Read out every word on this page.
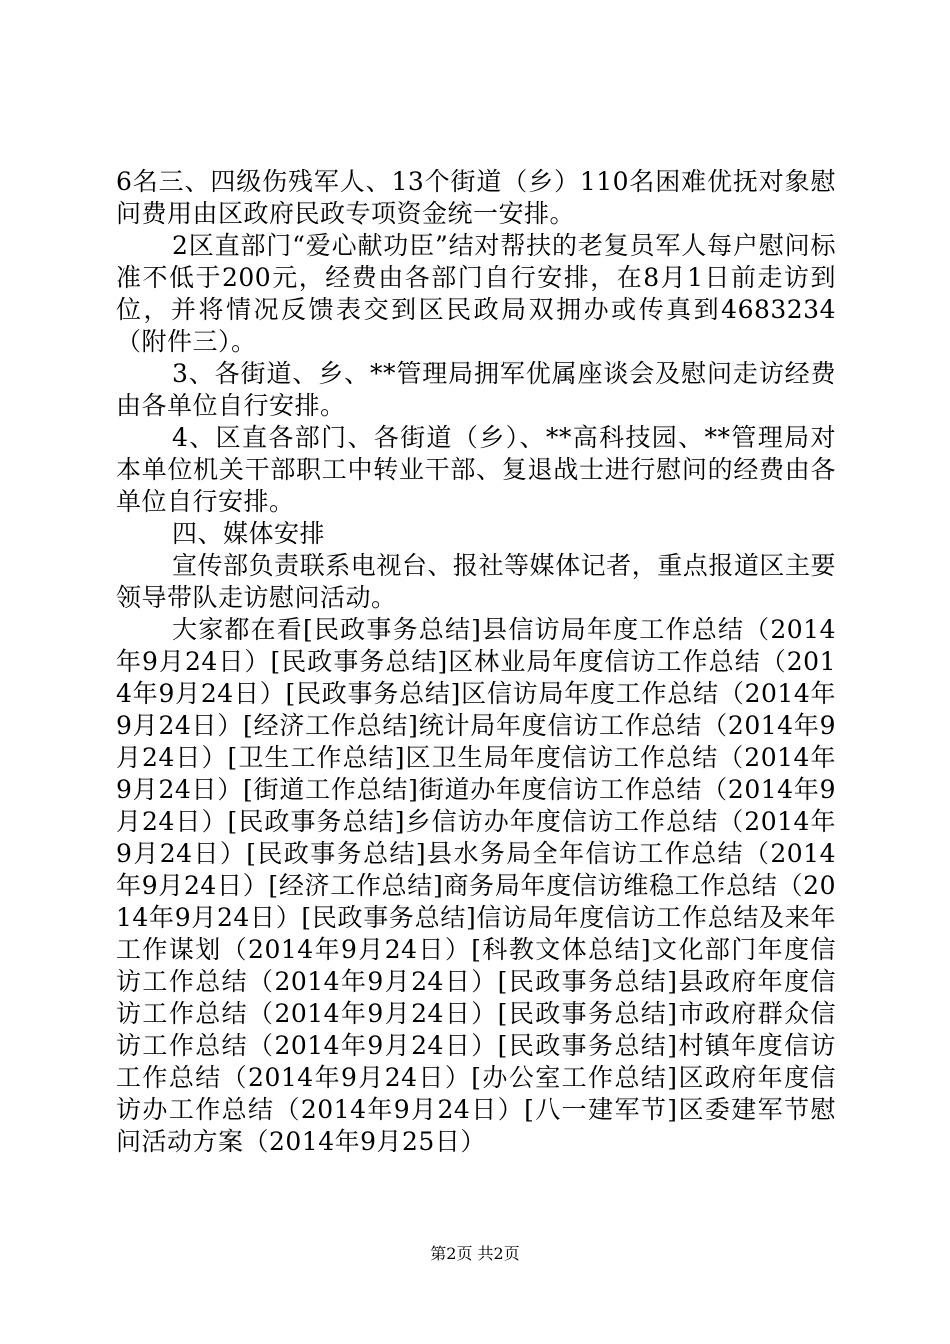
6名三、四级伤残军人、13个街道（乡）110名困难优抚对象慰问费用由区政府民政专项资金统一安排。

2区直部门“爱心献功臣”结对帮扶的老复员军人每户慰问标准不低于200元，经费由各部门自行安排，在8月1日前走访到位，并将情况反馈表交到区民政局双拥办或传真到4683234（附件三）。

3、各街道、乡、**管理局拥军优属座谈会及慰问走访经费由各单位自行安排。

4、区直各部门、各街道（乡）、**高科技园、**管理局对本单位机关干部职工中转业干部、复退战士进行慰问的经费由各单位自行安排。

四、媒体安排

宣传部负责联系电视台、报社等媒体记者，重点报道区主要领导带队走访慰问活动。

大家都在看[民政事务总结]县信访局年度工作总结（2014年9月24日）[民政事务总结]区林业局年度信访工作总结（2014年9月24日）[民政事务总结]区信访局年度工作总结（2014年9月24日）[经济工作总结]统计局年度信访工作总结（2014年9月24日）[卫生工作总结]区卫生局年度信访工作总结（2014年9月24日）[街道工作总结]街道办年度信访工作总结（2014年9月24日）[民政事务总结]乡信访办年度信访工作总结（2014年9月24日）[民政事务总结]县水务局全年信访工作总结（2014年9月24日）[经济工作总结]商务局年度信访维稳工作总结（2014年9月24日）[民政事务总结]信访局年度信访工作总结及来年工作谋划（2014年9月24日）[科教文体总结]文化部门年度信访工作总结（2014年9月24日）[民政事务总结]县政府年度信访工作总结（2014年9月24日）[民政事务总结]市政府群众信访工作总结（2014年9月24日）[民政事务总结]村镇年度信访工作总结（2014年9月24日）[办公室工作总结]区政府年度信访办工作总结（2014年9月24日）[八一建军节]区委建军节慰问活动方案（2014年9月25日）

第2页 共2页
